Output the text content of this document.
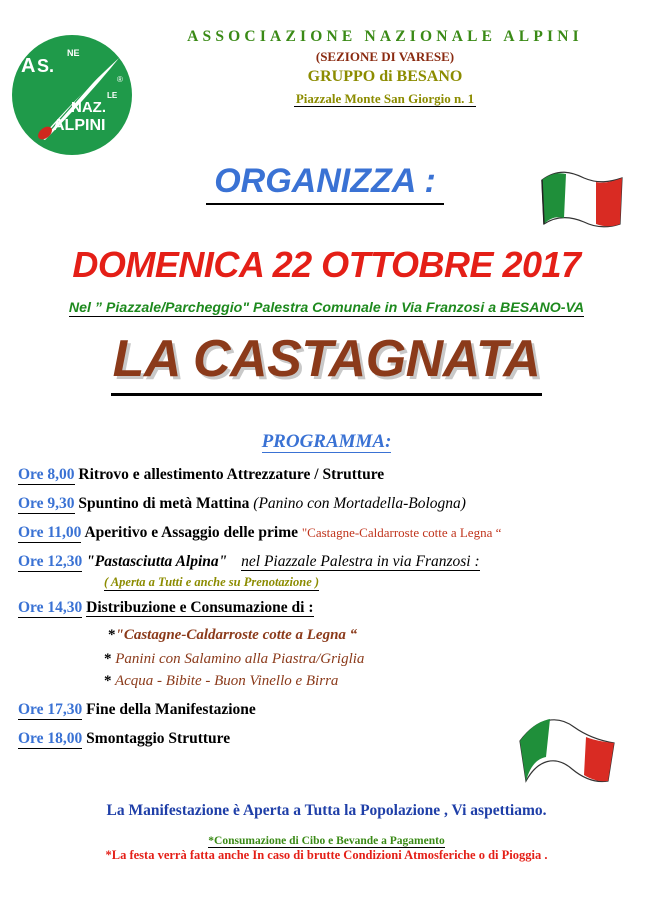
A S.
NE
NAZ.
LE
ALPINI
®
ASSOCIAZIONE NAZIONALE ALPINI
(SEZIONE DI VARESE)
GRUPPO di BESANO
Piazzale Monte San Giorgio n. 1
ORGANIZZA :
DOMENICA 22 OTTOBRE 2017
Nel ” Piazzale/Parcheggio" Palestra Comunale in Via Franzosi a BESANO-VA
LA CASTAGNATA
PROGRAMMA:
Ore 8,00 Ritrovo e allestimento Attrezzature / Strutture
Ore 9,30 Spuntino di metà Mattina (Panino con Mortadella-Bologna)
Ore 11,00 Aperitivo e Assaggio delle prime "Castagne-Caldarroste cotte a Legna “
Ore 12,30 "Pastasciutta Alpina" nel Piazzale Palestra in via Franzosi :
( Aperta a Tutti e anche su Prenotazione )
Ore 14,30 Distribuzione e Consumazione di :
*"Castagne-Caldarroste cotte a Legna “
* Panini con Salamino alla Piastra/Griglia
* Acqua - Bibite - Buon Vinello e Birra
Ore 17,30 Fine della Manifestazione
Ore 18,00 Smontaggio Strutture
La Manifestazione è Aperta a Tutta la Popolazione , Vi aspettiamo.
*Consumazione di Cibo e Bevande a Pagamento
*La festa verrà fatta anche In caso di brutte Condizioni Atmosferiche o di Pioggia .
